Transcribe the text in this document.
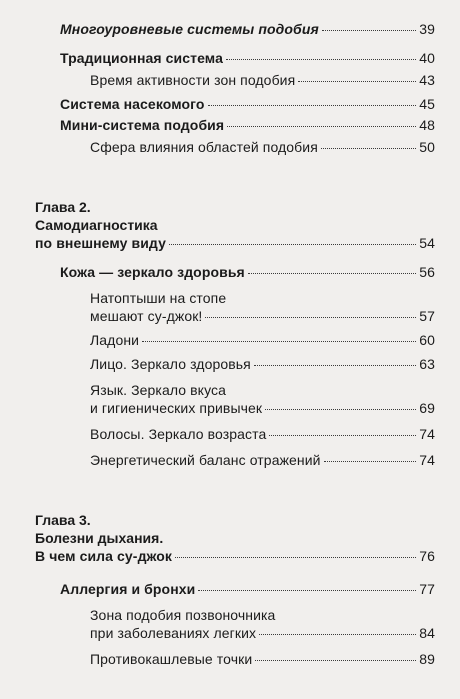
Многоуровневые системы подобия	39
Традиционная система	40
Время активности зон подобия	43
Система насекомого	45
Мини-система подобия	48
Сфера влияния областей подобия	50
Глава 2.
Самодиагностика
по внешнему виду	54
Кожа — зеркало здоровья	56
Натоптыши на стопе
мешают су-джок!	57
Ладони	60
Лицо. Зеркало здоровья	63
Язык. Зеркало вкуса
и гигиенических привычек	69
Волосы. Зеркало возраста	74
Энергетический баланс отражений	74
Глава 3.
Болезни дыхания.
В чем сила су-джок	76
Аллергия и бронхи	77
Зона подобия позвоночника
при заболеваниях легких	84
Противокашлевые точки	89
